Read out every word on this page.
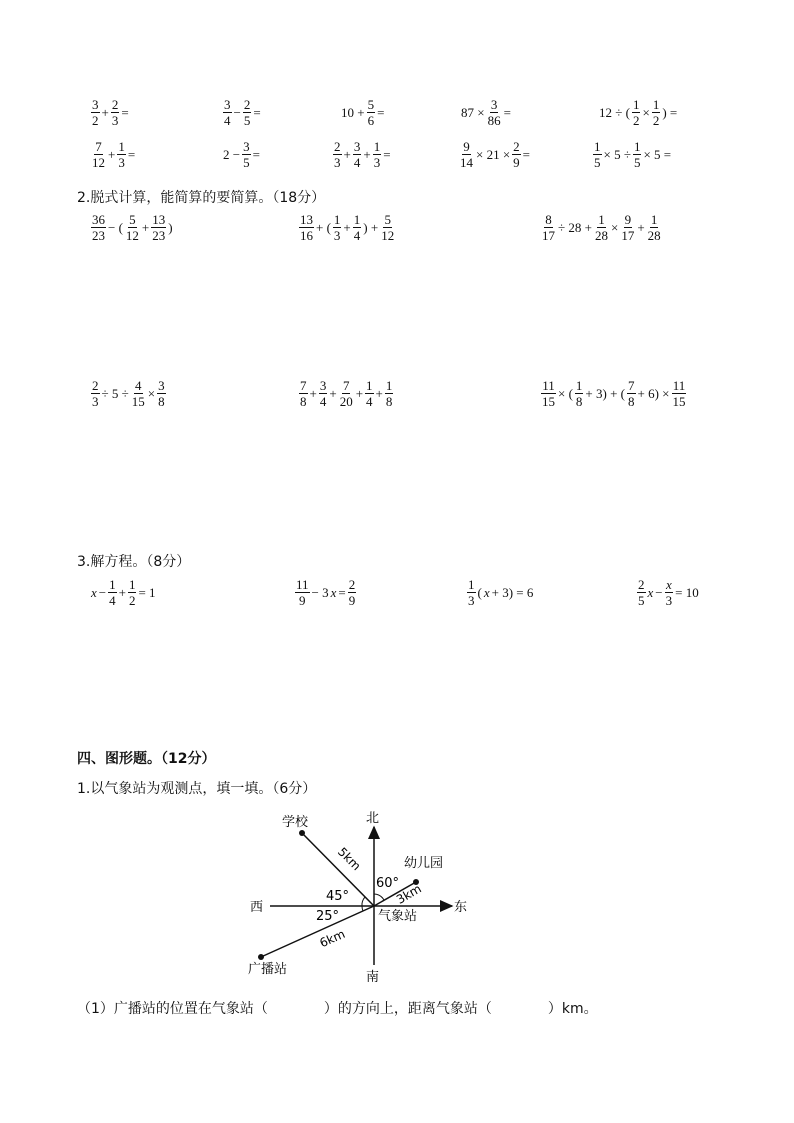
$\frac{3}{2} + \frac{2}{3}$ =	$\frac{3}{4} - \frac{2}{5}$ =	$10 + \frac{5}{6}$ =	$87 \times \frac{3}{86}$ =	12 ÷ ( $\frac{1}{2} \times \frac{1}{2}$ ) =
$\frac{7}{12} + \frac{1}{3}$ =	$2 - \frac{3}{5}$ =	$\frac{2}{3} + \frac{3}{4} + \frac{1}{3}$ =	$\frac{9}{14} \times 21 \times \frac{2}{9}$ =	$\frac{1}{5} \times 5 \div \frac{1}{5} \times 5$ =
2.脱式计算，能简算的要简算。（18分）
$\frac{36}{23}$ − ( $\frac{5}{12} + \frac{13}{23}$ )	$\frac{13}{16}$ + ( $\frac{1}{3} + \frac{1}{4}$ ) + $\frac{5}{12}$	$\frac{8}{17} \div 28 + \frac{1}{28} \times \frac{9}{17} + \frac{1}{28}$
$\frac{2}{3} \div 5 \div \frac{4}{15} \times \frac{3}{8}$	$\frac{7}{8} + \frac{3}{4} + \frac{7}{20} + \frac{1}{4} + \frac{1}{8}$	$\frac{11}{15}$ × ( $\frac{1}{8} + 3$) + ( $\frac{7}{8} + 6) \times \frac{11}{15}$
3.解方程。（8分）
$x - \frac{1}{4} + \frac{1}{2} = 1$	$\frac{11}{9} - 3$ $x = \frac{2}{9}$	$\frac{1}{3}$ ( x + 3) = 6	$\frac{2}{5}$ $x - \frac{x}{3} = 10$
四、图形题。（12分）
1.以气象站为观测点，填一填。（6分）
北
南
东
西
气象站
学校
幼儿园
广播站
5km
3km
6km
45°
60°
25°
（1）广播站的位置在气象站（　　　　）的方向上，距离气象站（　　　　）km。
